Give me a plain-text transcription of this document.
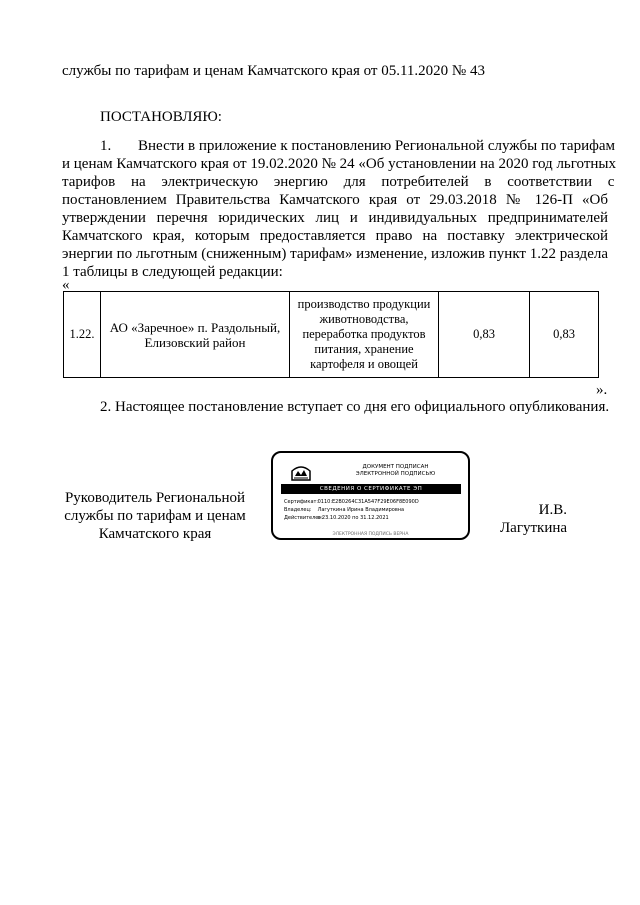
службы по тарифам и ценам Камчатского края от 05.11.2020 № 43
ПОСТАНОВЛЯЮ:
1. Внести в приложение к постановлению Региональной службы по тарифам
и ценам Камчатского края от 19.02.2020 № 24 «Об установлении на 2020 год льготных
тарифов на электрическую энергию для потребителей в соответствии с
постановлением Правительства Камчатского края от 29.03.2018 № 126-П «Об
утверждении перечня юридических лиц и индивидуальных предпринимателей
Камчатского края, которым предоставляется право на поставку электрической
энергии по льготным (сниженным) тарифам» изменение, изложив пункт 1.22 раздела
1 таблицы в следующей редакции:
«
1.22.	АО «Заречное» п. Раздольный,
Елизовский район

производство продукции
животноводства,
переработка продуктов
питания, хранение
картофеля и овощей
	0,83	0,83
».
2. Настоящее постановление вступает со дня его официального опубликования.
Руководитель Региональной
службы по тарифам и ценам
Камчатского края
ДОКУМЕНТ ПОДПИСАН
ЭЛЕКТРОННОЙ ПОДПИСЬЮ
СВЕДЕНИЯ О СЕРТИФИКАТЕ ЭП
Сертификат: 0110:E2B0264C31A547F29E06F8E090D
Владелец: Лагуткина Ирина Владимировна
Действителен: с 23.10.2020 по 31.12.2021
ЭЛЕКТРОННАЯ ПОДПИСЬ ВЕРНА
И.В.
Лагуткина
